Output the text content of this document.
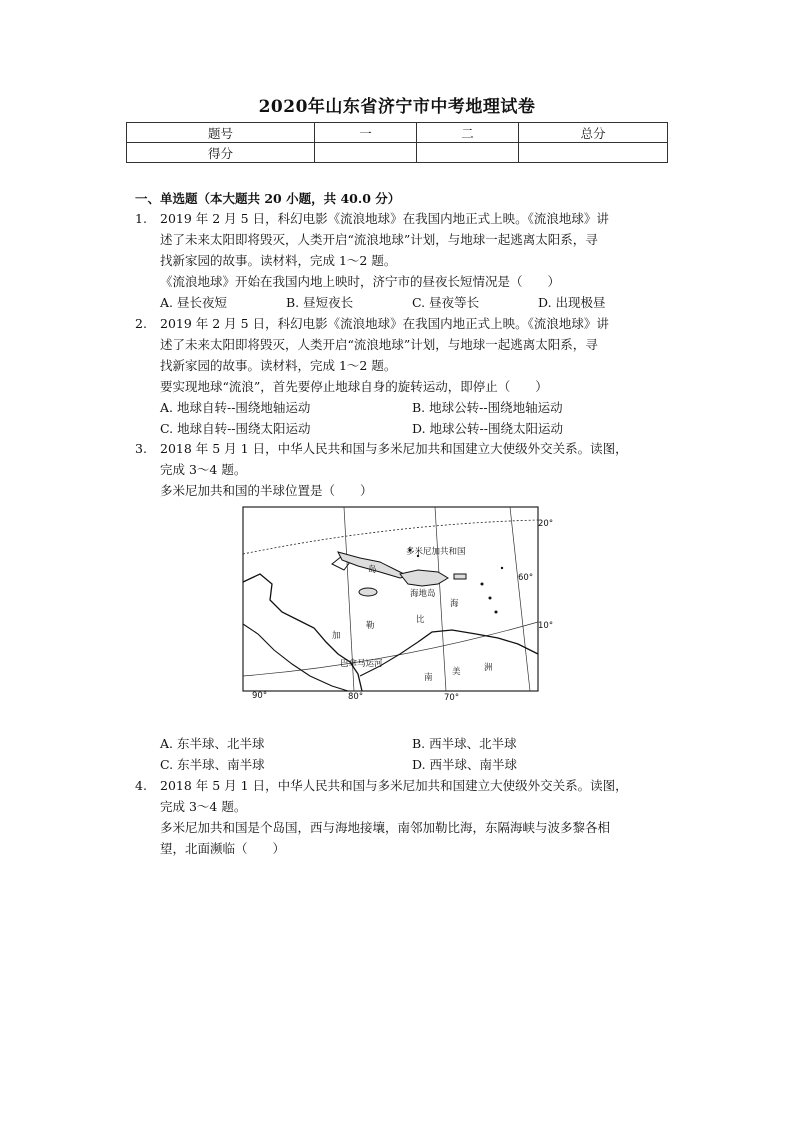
2020年山东省济宁市中考地理试卷
题号	一	二	总分
得分			
一、单选题（本大题共 20 小题，共 40.0 分）
1. 2019 年 2 月 5 日，科幻电影《流浪地球》在我国内地正式上映。《流浪地球》讲
述了未来太阳即将毁灭，人类开启“流浪地球”计划，与地球一起逃离太阳系，寻
找新家园的故事。读材料，完成 1～2 题。
《流浪地球》开始在我国内地上映时，济宁市的昼夜长短情况是（　　）
A. 昼长夜短	B. 昼短夜长	C. 昼夜等长	D. 出现极昼
2. 2019 年 2 月 5 日，科幻电影《流浪地球》在我国内地正式上映。《流浪地球》讲
述了未来太阳即将毁灭，人类开启“流浪地球”计划，与地球一起逃离太阳系，寻
找新家园的故事。读材料，完成 1～2 题。
要实现地球“流浪”，首先要停止地球自身的旋转运动，即停止（　　）
A. 地球自转--围绕地轴运动	B. 地球公转--围绕地轴运动
C. 地球自转--围绕太阳运动	D. 地球公转--围绕太阳运动
3. 2018 年 5 月 1 日，中华人民共和国与多米尼加共和国建立大使级外交关系。读图，
完成 3～4 题。
多米尼加共和国的半球位置是（　　）
多米尼加共和国
岛
海地岛
加
勒
比
海
巴拿马运河
南
美	洲
20°
10°
60°
70°
80°
90°
A. 东半球、北半球	B. 西半球、北半球
C. 东半球、南半球	D. 西半球、南半球
4. 2018 年 5 月 1 日，中华人民共和国与多米尼加共和国建立大使级外交关系。读图，
完成 3～4 题。
多米尼加共和国是个岛国，西与海地接壤，南邻加勒比海，东隔海峡与波多黎各相
望，北面濒临（　　）
